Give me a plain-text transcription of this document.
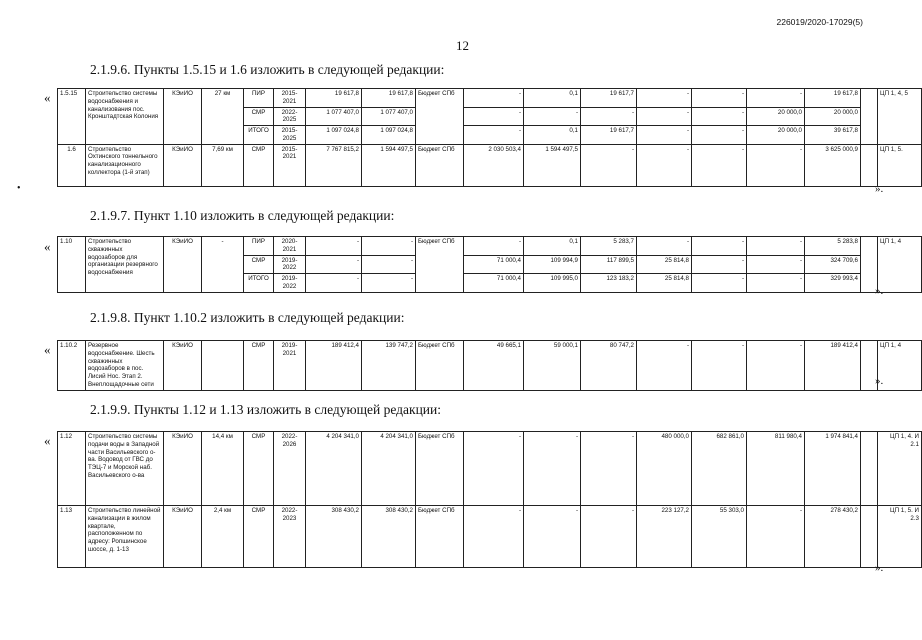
226019/2020-17029(5)
12
•
2.1.9.6. Пункты 1.5.15 и 1.6 изложить в следующей редакции:
« 1.5.15	Строительство системы водоснабжения и канализования пос. Кронштадтская Колония	КЭиИО	27 км	ПИР	2015-2021	19 617,8	19 617,8	Бюджет СПб	-	0,1	19 617,7	-	-	-	19 617,8		ЦП 1, 4, 5
				СМР	2022-2025	1 077 407,0	1 077 407,0		-	-	-	-	-	20 000,0	20 000,0		
				ИТОГО	2015-2025	1 097 024,8	1 097 024,8		-	0,1	19 617,7	-	-	20 000,0	39 617,8		
1.6	Строительство Охтинского тоннельного канализационного коллектора (1-й этап)	КЭиИО	7,69 км	СМР	2015-2021	7 767 815,2	1 594 497,5	Бюджет СПб	2 030 503,4	1 594 497,5	-	-	-	-	3 625 000,9		ЦП 1, 5.
».
2.1.9.7. Пункт 1.10 изложить в следующей редакции:
« 1.10	Строительство скважинных водозаборов для организации резервного водоснабжения	КЭиИО	-	ПИР	2020-2021	-	-	Бюджет СПб	-	0,1	5 283,7	-	-	-	5 283,8		ЦП 1, 4
				СМР	2019-2022	-	-		71 000,4	109 994,9	117 899,5	25 814,8	-	-	324 709,6		
				ИТОГО	2019-2022	-	-		71 000,4	109 995,0	123 183,2	25 814,8	-	-	329 993,4		
».
2.1.9.8. Пункт 1.10.2 изложить в следующей редакции:
« 1.10.2	Резервное водоснабжение. Шесть скважинных водозаборов в пос. Лисий Нос. Этап 2. Внеплощадочные сети	КЭиИО		СМР	2019-2021	189 412,4	139 747,2	Бюджет СПб	49 665,1	59 000,1	80 747,2	-	-	-	189 412,4		ЦП 1, 4
».
2.1.9.9. Пункты 1.12 и 1.13 изложить в следующей редакции:
« 1.12	Строительство системы подачи воды в Западной части Васильевского о-ва. Водовод от ГВС до ТЭЦ-7 и Морской наб. Васильевского о-ва	КЭиИО	14,4 км	СМР	2022-2026	4 204 341,0	4 204 341,0	Бюджет СПб	-	-	-	480 000,0	682 861,0	811 980,4	1 974 841,4		ЦП 1, 4. И 2.1
1.13	Строительство линейной канализации в жилом квартале, расположенном по адресу: Ропшинское шоссе, д. 1-13	КЭиИО	2,4 км	СМР	2022-2023	308 430,2	308 430,2	Бюджет СПб	-	-	-	223 127,2	55 303,0	-	278 430,2		ЦП 1, 5. И 2.3
».
